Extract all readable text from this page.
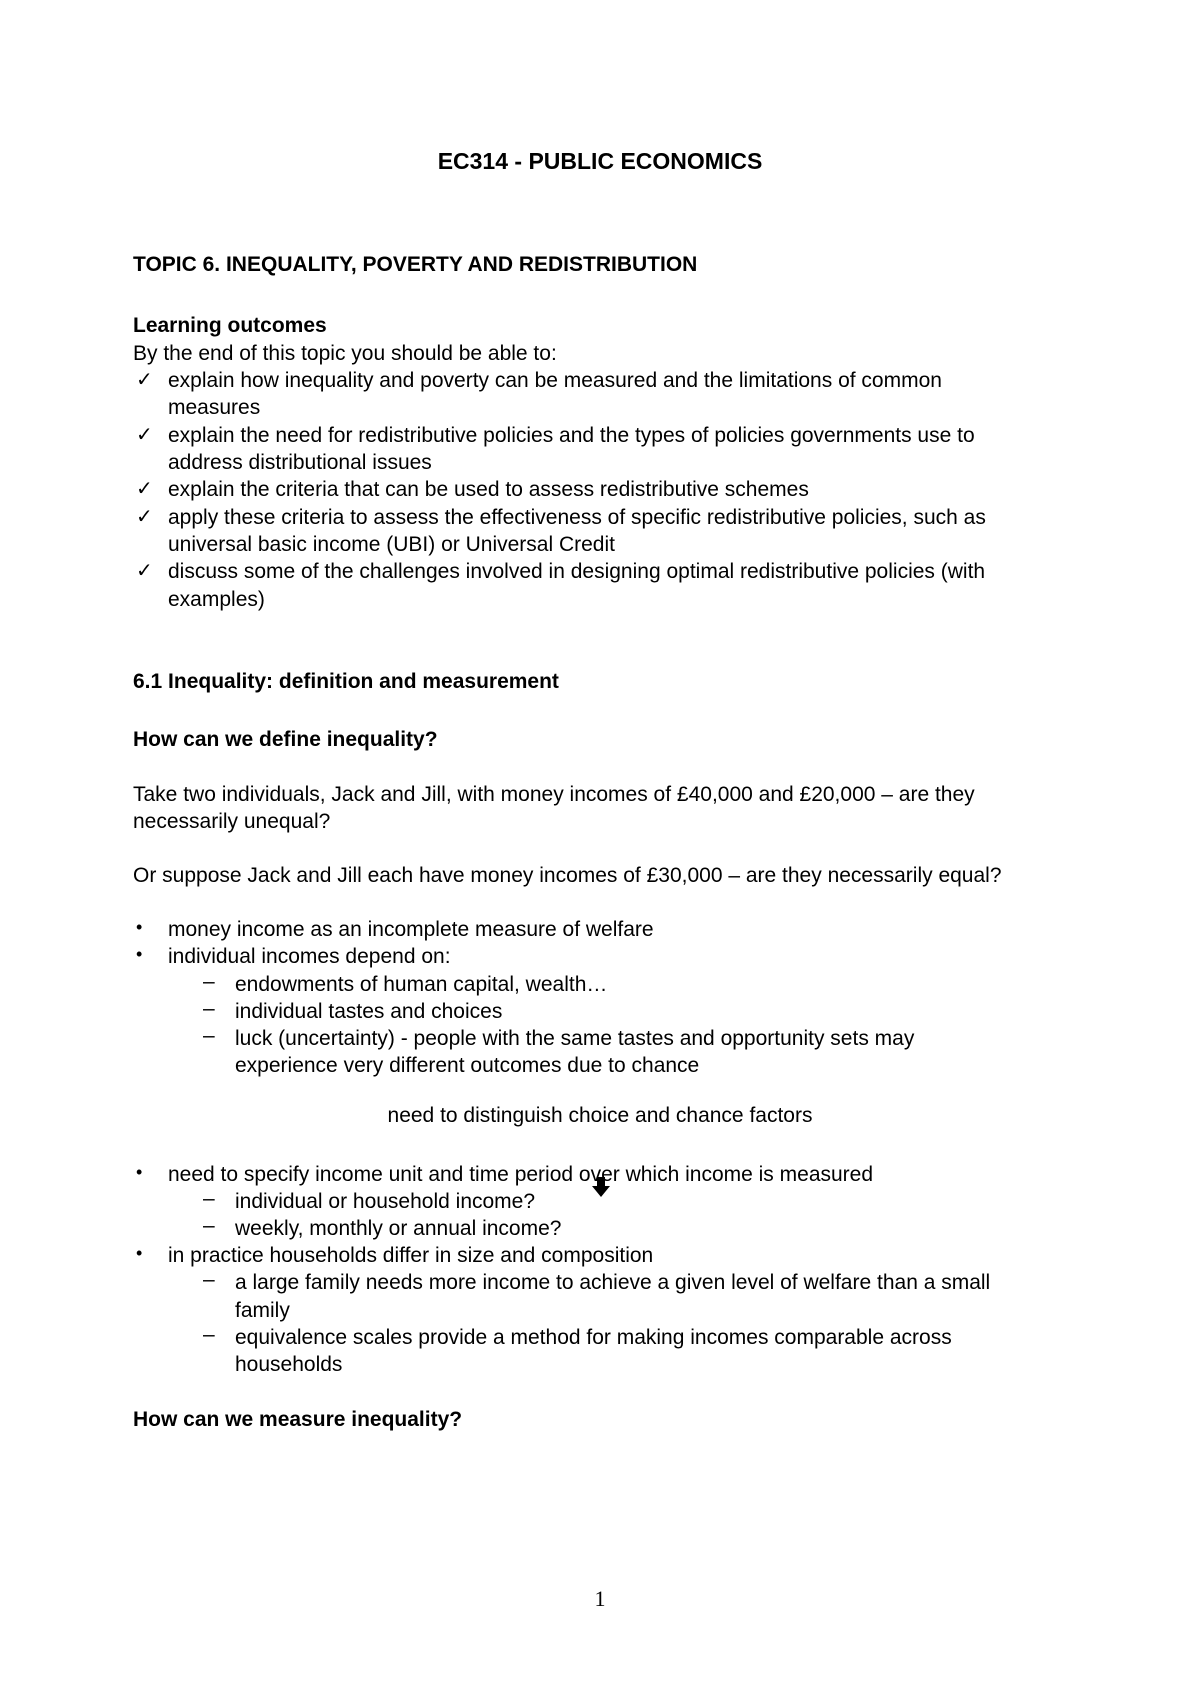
EC314 - PUBLIC ECONOMICS
TOPIC 6. INEQUALITY, POVERTY AND REDISTRIBUTION
Learning outcomes
By the end of this topic you should be able to:
✓ explain how inequality and poverty can be measured and the limitations of common
measures
✓ explain the need for redistributive policies and the types of policies governments use to
address distributional issues
✓ explain the criteria that can be used to assess redistributive schemes
✓ apply these criteria to assess the effectiveness of specific redistributive policies, such as
universal basic income (UBI) or Universal Credit
✓ discuss some of the challenges involved in designing optimal redistributive policies (with
examples)
6.1 Inequality: definition and measurement
How can we define inequality?
Take two individuals, Jack and Jill, with money incomes of £40,000 and £20,000 – are they
necessarily unequal?
Or suppose Jack and Jill each have money incomes of £30,000 – are they necessarily equal?
• money income as an incomplete measure of welfare
• individual incomes depend on:
– endowments of human capital, wealth…
– individual tastes and choices
– luck (uncertainty) - people with the same tastes and opportunity sets may
experience very different outcomes due to chance
need to distinguish choice and chance factors
• need to specify income unit and time period over which income is measured
– individual or household income?
– weekly, monthly or annual income?
• in practice households differ in size and composition
– a large family needs more income to achieve a given level of welfare than a small
family
– equivalence scales provide a method for making incomes comparable across
households
How can we measure inequality?
1
